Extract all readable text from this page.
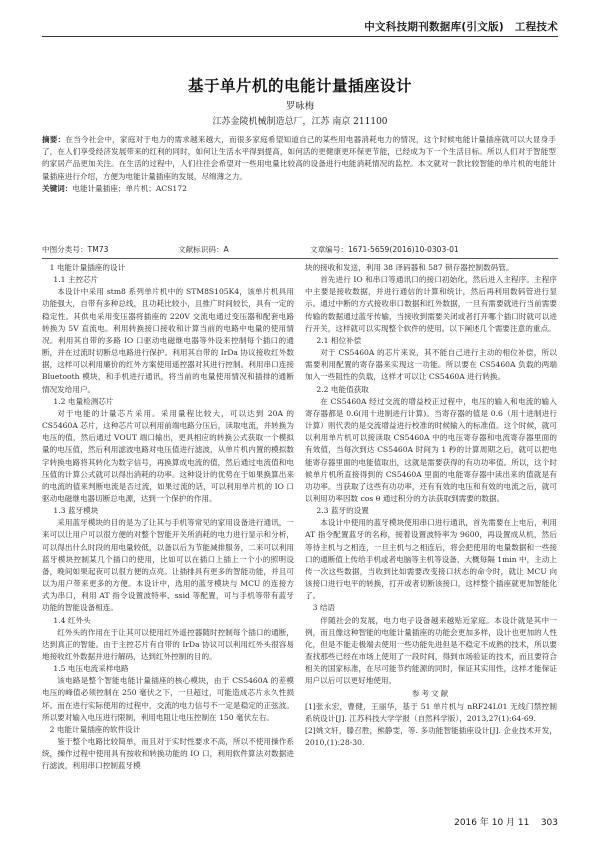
中文科技期刊数据库(引文版)　工程技术
基于单片机的电能计量插座设计
罗咏梅
江苏金陵机械制造总厂，江苏 南京 211100

摘要：在当今社会中，家庭对于电力的需求越来越大，而很多家庭希望知道自己的某些用电器消耗电力的情况，这个时候电能计量插座就可以大显身手了，在人们享受经济发展带来的红利的同时，如何让生活水平得到提高，如何活的更健康更环保更节能，已经成为下一个生活目标。所以人们对于智能型的家居产品更加关注。在生活的过程中，人们往往会希望对一些用电量比较高的设备进行电能消耗情况的监控。本文就对一款比较智能的单片机的电能计量插座进行介绍，方便为电能计量插座的发展，尽绵薄之力。

关键词：电能计量插座；单片机；ACS172

中图分类号：TM73	文献标识码：A	文章编号：1671-5659(2016)10-0303-01

1 电能计量插座的设计

1.1 主控芯片

本设计中采用 stm8 系列单片机中的 STM8S105K4，该单片机具用功能强大，自带有多种总线，且功耗比较小，且推广时间较长，具有一定的稳定性。其供电采用变压器将插座的 220V 交流电通过变压器和配套电路转换为 5V 直流电。利用转换接口接收和计算当前的电路中电量的使用情况。利用其自带的多路 IO 口驱动电磁继电器等外设来控制每个插口的通断，并在过流时切断总电路进行保护。利用其自带的 IrDa 协议接收红外数据，这样可以利用廉价的红外方案使用遥控器对其进行控制。利用串口连接 Bluetooth 模块，和手机进行通讯，将当前的电量使用情况和插排的通断情况发给用户。

1.2 电量检测芯片

对于电能的计量芯片采用。采用量程比较大，可以达到 20A 的 CS5460A 芯片，这种芯片可以利用前端电路分压后，读取电流，并转换为电压的值，然后通过 VOUT 端口输出，更具相应的转换公式获取一个模拟量的电压值，然后利用滤波电路对电压值进行滤波，从单片机内置的模拟数字转换电路将其转化为数字信号，再换算成电流的值，然后通过电流值和电压值的计算公式就可以得出消耗的功率。这种设计的优势在于如果换算出来的电流的值来判断电流是否过流，如果过流的话，可以利用单片机的 IO 口驱动电磁继电器切断总电源，达到一个保护的作用。

1.3 蓝牙模块

采用蓝牙模块的目的是为了让其与手机等常见的家用设备进行通讯，一来可以让用户可以很方便的对整个智能开关所消耗的电力进行显示和分析，可以得出什么时段的用电量较低，以备以后为节能减排服务，二来可以利用蓝牙模块控制某几个插口的使用，比如可以在插口上插上一个小的照明设备，晚间如果起夜可以很方便的点亮。让插排具有更多的智能功能，并且可以为用户带来更多的方便。本设计中，选用的蓝牙模块与 MCU 的连接方式为串口，利用 AT 指令设置波特率、ssid 等配置，可与手机等带有蓝牙功能的智能设备相连。

1.4 红外头

红外头的作用在于让其可以使用红外遥控器随时控制每个插口的通断，达到真正的智能。由于主控芯片有自带的 IrDa 协议可以利用红外头很容易地接收红外数据并进行解码，达到红外控制的目的。

1.5 电压电流采样电路

该电路是整个智能电能计量插座的核心模块，由于 CS5460A 的差模电压的峰值必须控制在 250 毫伏之下，一旦超过，可能造成芯片永久性损坏。而在进行实际使用的过程中，交流的电力信号不一定是稳定的正弦波。所以要对输入电压进行限制，利用电阻让电压控制在 150 毫伏左右。

2 电能计量插座的软件设计

鉴于整个电路比较简单，而且对于实时性要求不高，所以不使用操作系统，操作过程中使用具有按收和转换功能的 IO 口，利用软件算法对数据进行滤波，利用串口控制蓝牙模

块的接收和发送，利用 38 译码器和 587 锁存器控制数码管。

首先进行 IO 和串口等通讯口的接口初始化，然后进入主程序。主程序中主要是接收数据，并进行通信的计算和统计，然后再利用数码管进行显示。通过中断的方式接收串口数据和红外数据，一旦有需要就进行当前需要传输的数据通过蓝牙传输，当接收到需要关闭或者打开哪个插口时就可以进行开关，这样就可以实现整个软件的使用。以下阐述几个需要注意的重点。

2.1 相位补偿

对于 CS5460A 的芯片来说，其不能自己进行主动的相位补偿，所以需要利用配置的寄存器来实现这一功能。所以要在 CS5460A 负载的两端加入一些阻性的负载，这样才可以让 CS5460A 进行转换。

2.2 电能值获取

在 CS5460A 经过交流的增益校正过程中，电压的输入和电流的输入寄存器都是 0.6(用十进制进行计算)。当寄存器的值是 0.6（用十进制进行计算）则代表的是交流增益进行校准的时候输入的标准值。这个时候，就可以利用单片机可以接读取 CS5460A 中的电压寄存器和电流寄存器里面的有效值，当每次到达 CS5460A 时间为 1 秒的计算周期之后，就可以把电能寄存器里面的电能值取出，这就是需要获得的有功功率值。所以，这个时候单片机所直接得到的 CS5460A 里面的电能寄存器中读出来的值就是有功功率。当获取了这些有功功率，还有有效的电压和有效的电流之后，就可以利用功率因数 cos θ 通过积分的方法获取到需要的数据。

2.3 蓝牙的设置

本设计中使用的蓝牙模块使用串口进行通讯，首先需要在上电后，利用 AT 指令配置蓝牙的名称，接着设置波特率为 9600，再设置成从机，然后等待主机与之相连，一旦主机与之相连后，将会把使用的电量数据和一些接口的通断值上传给手机或者电脑等主机等设备，大概每隔 1min 中，主动上传一次这些数据，当收到比如需要改变接口状态的命令时，就让 MCU 向该接口进行电平的转换，打开或者切断该接口，这样整个插座就更加智能化了。

3 结语

伴随社会的发展，电力电子设备越来越贴近家庭。本设计就是其中一例，而且像这种智能的电能计量插座的功能会更加多样，设计也更加的人性化，但是不能走极端去使用一些功能先进但是不稳定不成熟的技术，所以要查找那些已经在市场上使用了一段时间，得到市场验证的技术，而且要符合相关的国家标准，在尽可能节约能源的同时，保证其实用性，这样才能保证用户以后可以更好地使用。

参考文献

[1]张永宏，曹健，王丽华，基于 51 单片机与 nRF24L01 无线门禁控制系统设计[J]. 江苏科技大学学报（自然科学版），2013,27(1):64-69.

[2]姚文轩，滕召胜，熊静雯，等. 多功能智能插座设计[J]. 企业技术开发，2010,(1):28-30.

2016 年 10 月 11 303
